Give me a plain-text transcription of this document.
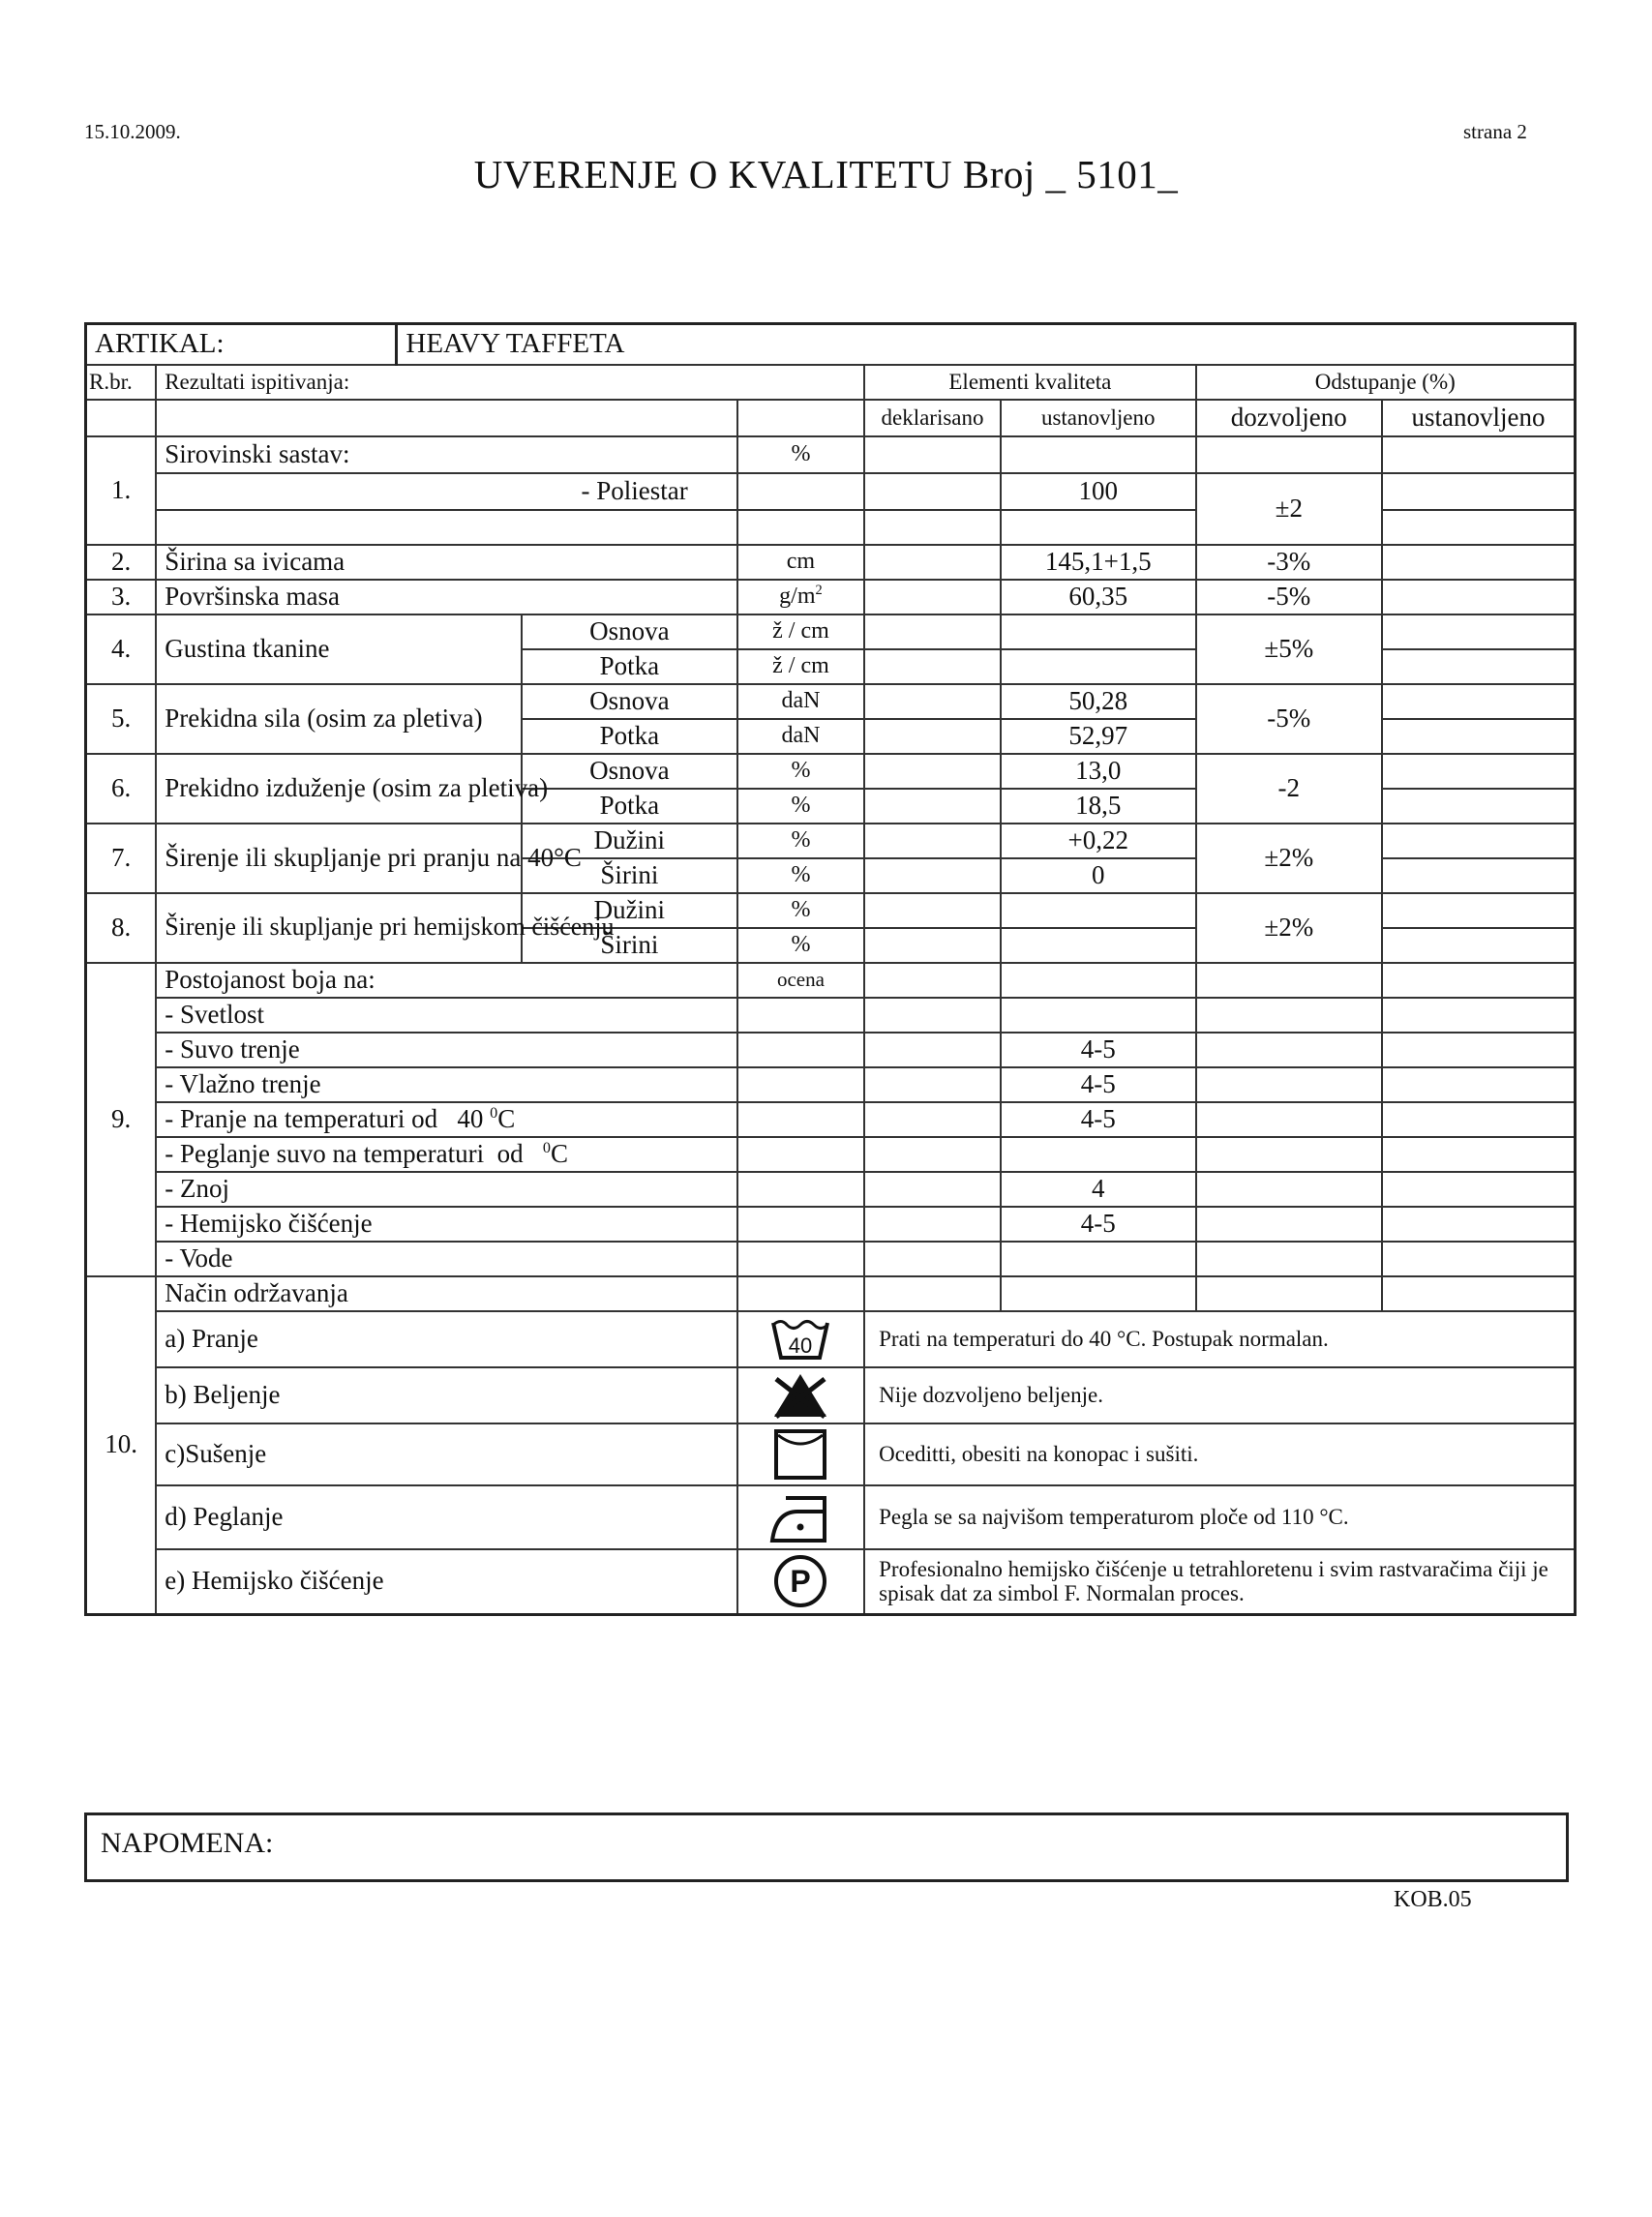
15.10.2009.	strana 2
UVERENJE O KVALITETU Broj _ 5101_
ARTIKAL:		HEAVY TAFFETA						
R.br.	Rezultati ispitivanja:				Elementi kvaliteta		Odstupanje (%)	
					deklarisano	ustanovljeno	dozvoljeno	ustanovljeno
1.	Sirovinski sastav:			%				
	- Poliestar					100	±2	

2.	Širina sa ivicama			cm		145,1+1,5	-3%	
3.	Površinska masa			$g/m^2$		60,35	-5%	
4.	Gustina tkanine		Osnova	ž / cm			±5%	
			Potka	ž / cm				
5.	Prekidna sila (osim za pletiva)		Osnova	daN		50,28	-5%	
			Potka	daN		52,97		
6.	Prekidno izduženje (osim za pletiva)		Osnova	%		13,0	-2	
			Potka	%		18,5		
7.	Širenje ili skupljanje pri pranju na 40°C		Dužini	%		+0,22	±2%	
			Širini	%		0		
8.	Širenje ili skupljanje pri hemijskom čišćenju		Dužini	%			±2%	
			Širini	%				
9.	Postojanost boja na:			ocena				
	- Svetlost							
	- Suvo trenje					4-5		
	- Vlažno trenje					4-5		
	- Pranje na temperaturi od   40 $^0$C					4-5		
	- Peglanje suvo na temperaturi  od   $^0$C							
	- Znoj					4		
	- Hemijsko čišćenje					4-5		
	- Vode							
10.	Način održavanja							
	a) Pranje			40	Prati na temperaturi do 40 °C. Postupak normalan.			
	b) Beljenje				Nije dozvoljeno beljenje.			
	c)Sušenje				Oceditti, obesiti na konopac i sušiti.			
	d) Peglanje				Pegla se sa najvišom temperaturom ploče od 110 °C.			
	e) Hemijsko čišćenje			P	Profesionalno hemijsko čišćenje u tetrahloretenu i svim rastvaračima čiji je spisak dat za simbol F. Normalan proces.			
NAPOMENA:
KOB.05
